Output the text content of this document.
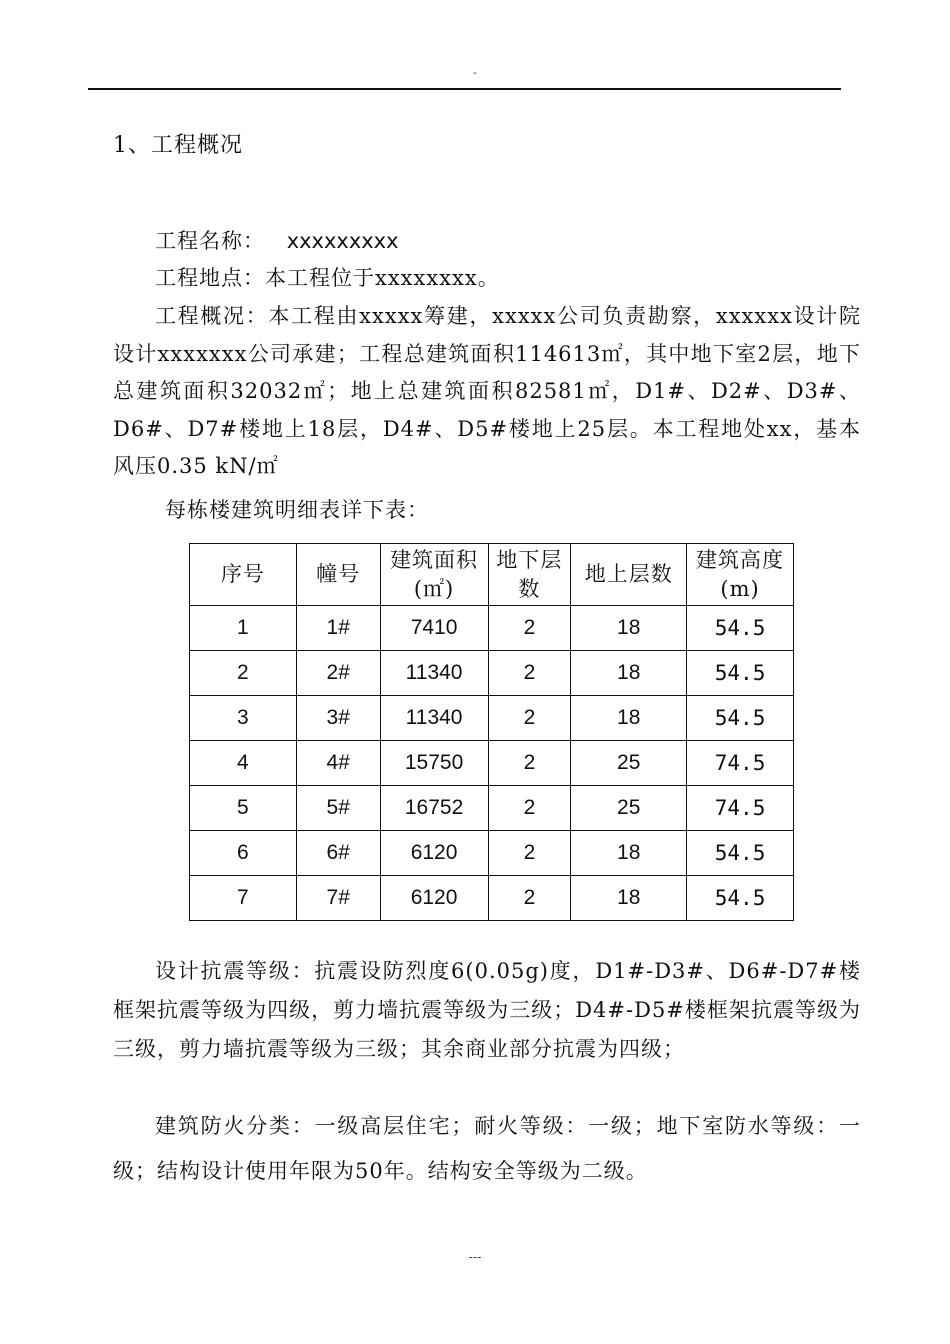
-
1、工程概况

工程名称： xxxxxxxxx

工程地点：本工程位于xxxxxxxx。

工程概况：本工程由xxxxx筹建，xxxxx公司负责勘察，xxxxxx设计院设计xxxxxxx公司承建；工程总建筑面积114613㎡，其中地下室2层，地下总建筑面积32032㎡；地上总建筑面积82581㎡，D1#、D2#、D3#、D6#、D7#楼地上18层，D4#、D5#楼地上25层。本工程地处xx，基本风压0.35 kN/㎡

每栋楼建筑明细表详下表：
序号	幢号	建筑面积(㎡)	地下层数	地上层数	建筑高度(m)
1	1#	7410	2	18	54.5
2	2#	11340	2	18	54.5
3	3#	11340	2	18	54.5
4	4#	15750	2	25	74.5
5	5#	16752	2	25	74.5
6	6#	6120	2	18	54.5
7	7#	6120	2	18	54.5

设计抗震等级：抗震设防烈度6(0.05g)度，D1#-D3#、D6#-D7#楼框架抗震等级为四级，剪力墙抗震等级为三级；D4#-D5#楼框架抗震等级为三级，剪力墙抗震等级为三级；其余商业部分抗震为四级；

建筑防火分类：一级高层住宅；耐火等级：一级；地下室防水等级：一级；结构设计使用年限为50年。结构安全等级为二级。

---
